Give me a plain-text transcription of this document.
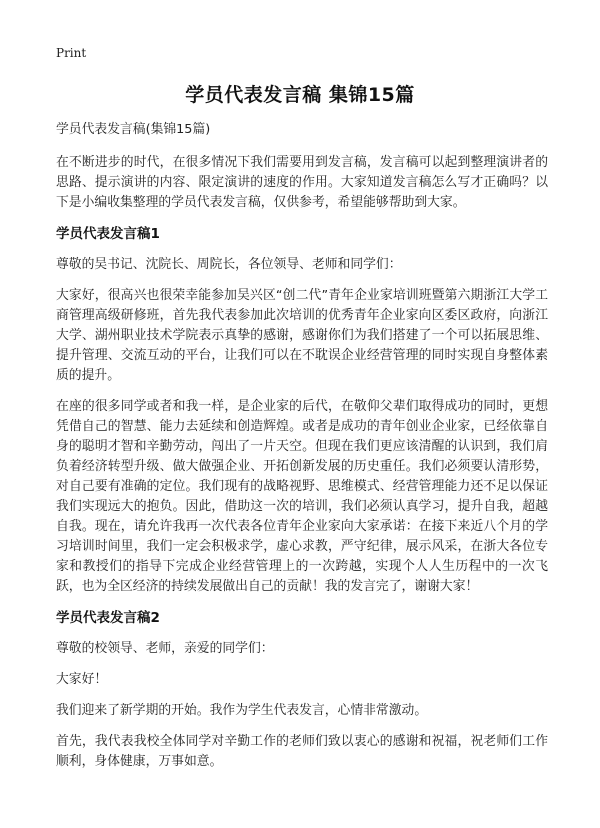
Print
学员代表发言稿 集锦15篇

学员代表发言稿(集锦15篇)

在不断进步的时代，在很多情况下我们需要用到发言稿，发言稿可以起到整理演讲者的思路、提示演讲的内容、限定演讲的速度的作用。大家知道发言稿怎么写才正确吗？以下是小编收集整理的学员代表发言稿，仅供参考，希望能够帮助到大家。

学员代表发言稿1

尊敬的吴书记、沈院长、周院长，各位领导、老师和同学们：

大家好，很高兴也很荣幸能参加吴兴区“创二代”青年企业家培训班暨第六期浙江大学工商管理高级研修班，首先我代表参加此次培训的优秀青年企业家向区委区政府，向浙江大学、湖州职业技术学院表示真挚的感谢，感谢你们为我们搭建了一个可以拓展思维、提升管理、交流互动的平台，让我们可以在不耽误企业经营管理的同时实现自身整体素质的提升。

在座的很多同学或者和我一样，是企业家的后代，在敬仰父辈们取得成功的同时，更想凭借自己的智慧、能力去延续和创造辉煌。或者是成功的青年创业企业家，已经依靠自身的聪明才智和辛勤劳动，闯出了一片天空。但现在我们更应该清醒的认识到，我们肩负着经济转型升级、做大做强企业、开拓创新发展的历史重任。我们必须要认清形势，对自己要有准确的定位。我们现有的战略视野、思维模式、经营管理能力还不足以保证我们实现远大的抱负。因此，借助这一次的培训，我们必须认真学习，提升自我，超越自我。现在，请允许我再一次代表各位青年企业家向大家承诺：在接下来近八个月的学习培训时间里，我们一定会积极求学，虚心求教，严守纪律，展示风采，在浙大各位专家和教授们的指导下完成企业经营管理上的一次跨越，实现个人人生历程中的一次飞跃，也为全区经济的持续发展做出自己的贡献！我的发言完了，谢谢大家！

学员代表发言稿2

尊敬的校领导、老师，亲爱的同学们：

大家好！

我们迎来了新学期的开始。我作为学生代表发言，心情非常激动。

首先，我代表我校全体同学对辛勤工作的老师们致以衷心的感谢和祝福，祝老师们工作顺利，身体健康，万事如意。
